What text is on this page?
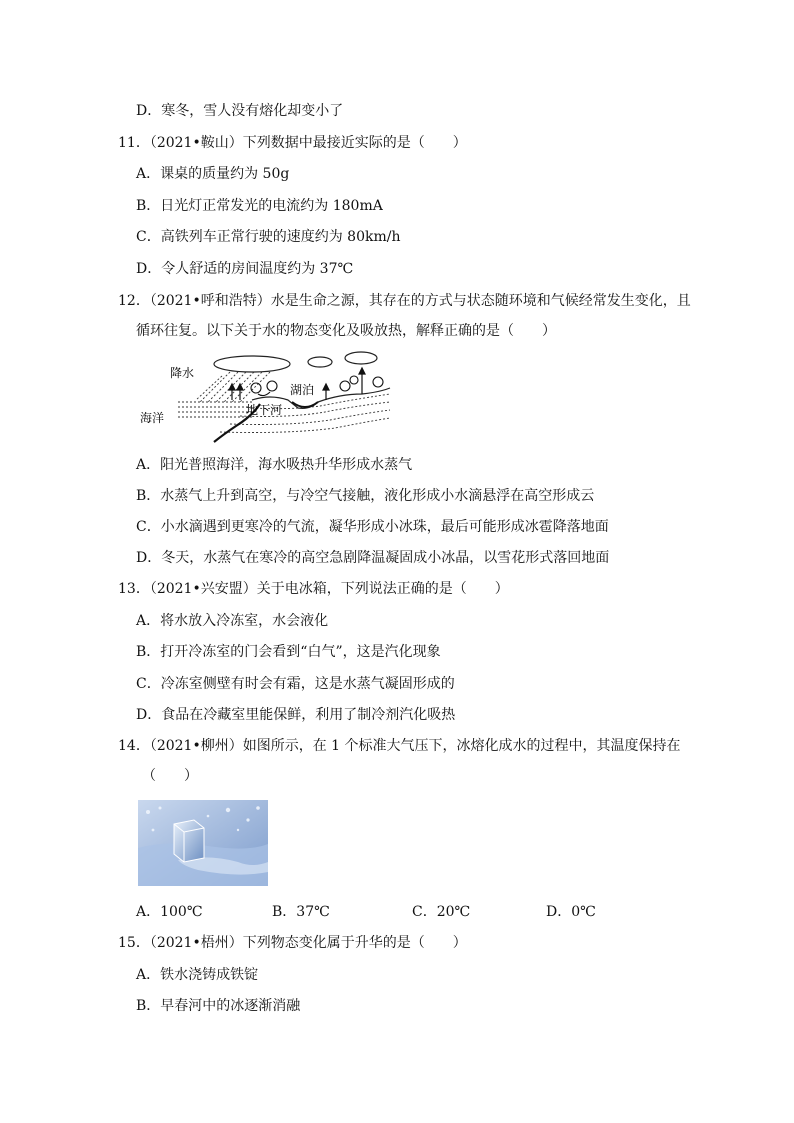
D．寒冬，雪人没有熔化却变小了
11．（2021•鞍山）下列数据中最接近实际的是（　　）
A．课桌的质量约为 50g
B．日光灯正常发光的电流约为 180mA
C．高铁列车正常行驶的速度约为 80km/h
D．令人舒适的房间温度约为 37℃
12．（2021•呼和浩特）水是生命之源，其存在的方式与状态随环境和气候经常发生变化，且
循环往复。以下关于水的物态变化及吸放热，解释正确的是（　　）
降水
海洋
湖泊
地下河
A．阳光普照海洋，海水吸热升华形成水蒸气
B．水蒸气上升到高空，与冷空气接触，液化形成小水滴悬浮在高空形成云
C．小水滴遇到更寒冷的气流，凝华形成小冰珠，最后可能形成冰雹降落地面
D．冬天，水蒸气在寒冷的高空急剧降温凝固成小冰晶，以雪花形式落回地面
13．（2021•兴安盟）关于电冰箱，下列说法正确的是（　　）
A．将水放入冷冻室，水会液化
B．打开冷冻室的门会看到“白气”，这是汽化现象
C．冷冻室侧壁有时会有霜，这是水蒸气凝固形成的
D．食品在冷藏室里能保鲜，利用了制冷剂汽化吸热
14．（2021•柳州）如图所示，在 1 个标准大气压下，冰熔化成水的过程中，其温度保持在
（　　）
A．100℃	B．37℃	C．20℃	D．0℃
15．（2021•梧州）下列物态变化属于升华的是（　　）
A．铁水浇铸成铁锭
B．早春河中的冰逐渐消融
